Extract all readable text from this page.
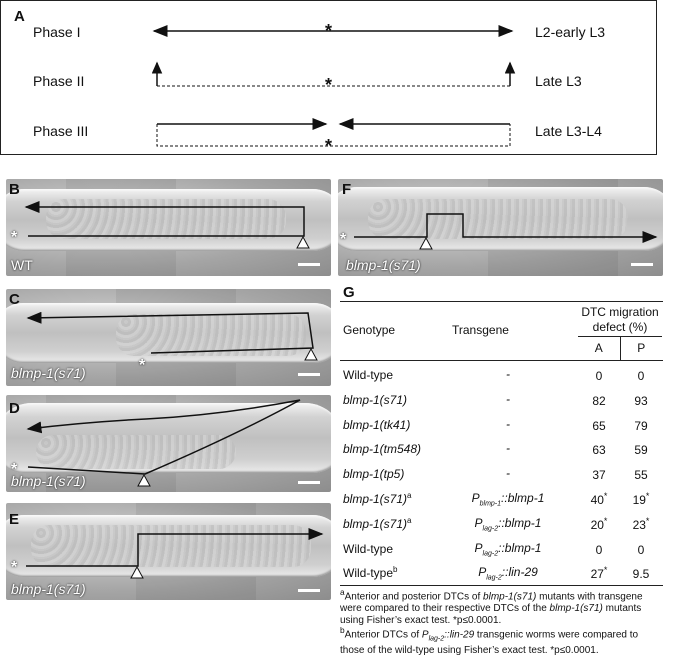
A
Phase I	L2-early L3
Phase II	Late L3
Phase III	Late L3-L4
*
*
*
B
*
WT
C
*
blmp-1(s71)
D
*
blmp-1(s71)
E
*
blmp-1(s71)
F
*
blmp-1(s71)
G
Genotype	Transgene
DTC migration defect (%)
A	P
Wild-type	-	0	0
blmp-1(s71)	-	82	93
blmp-1(tk41)	-	65	79
blmp-1(tm548)	-	63	59
blmp-1(tp5)	-	37	55
blmp-$1(s71)^a$	$P_{blmp-1}::blmp-1$	40*	19*
blmp-$1(s71)^a$	$P_{lag-2}::blmp-1$	20*	23*
Wild-type	$P_{lag-2}::blmp-1$	0	0
Wild-type$^b$	$P_{lag-2}::lin-29$	27*	9.5
$^a$Anterior and posterior DTCs of blmp-1(s71) mutants with transgene were compared to their respective DTCs of the blmp-1(s71) mutants using Fisher’s exact test. *p≤0.0001.
$^b$Anterior DTCs of $P_{lag-2}::lin-29$ transgenic worms were compared to those of the wild-type using Fisher’s exact test. *p≤0.0001.
